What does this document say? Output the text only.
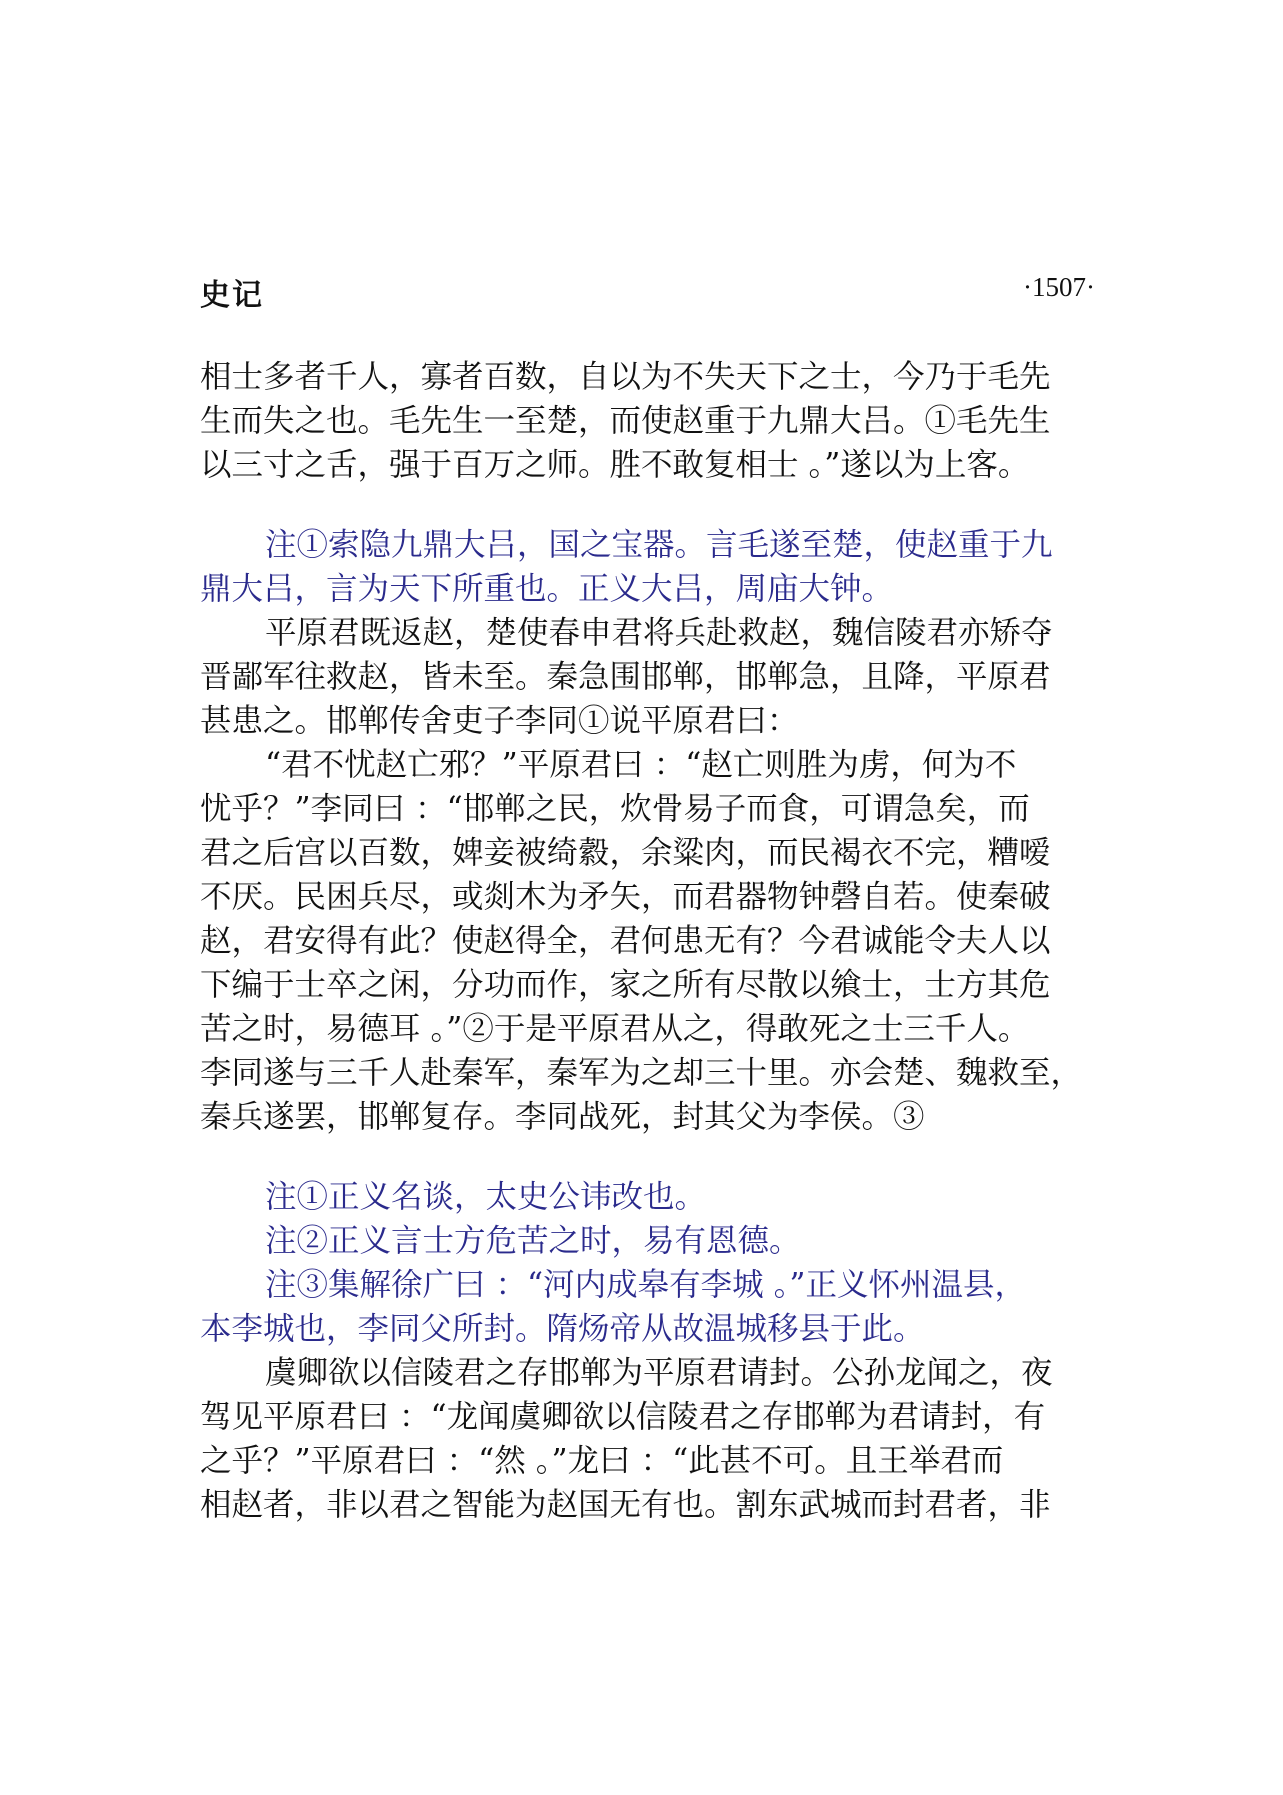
史记	·1507·
相士多者千人，寡者百数，自以为不失天下之士，今乃于毛先
生而失之也。毛先生一至楚，而使赵重于九鼎大吕。①毛先生
以三寸之舌，强于百万之师。胜不敢复相士 。”遂以为上客。
注①索隐九鼎大吕，国之宝器。言毛遂至楚，使赵重于九
鼎大吕，言为天下所重也。正义大吕，周庙大钟。
平原君既返赵，楚使春申君将兵赴救赵，魏信陵君亦矫夺
晋鄙军往救赵，皆未至。秦急围邯郸，邯郸急，且降，平原君
甚患之。邯郸传舍吏子李同①说平原君曰：
“君不忧赵亡邪？”平原君曰 ：“赵亡则胜为虏，何为不
忧乎？”李同曰 ：“邯郸之民，炊骨易子而食，可谓急矣，而
君之后宫以百数，婢妾被绮縠，余粱肉，而民褐衣不完，糟嗳
不厌。民困兵尽，或剡木为矛矢，而君器物钟磬自若。使秦破
赵，君安得有此？使赵得全，君何患无有？今君诚能令夫人以
下编于士卒之闲，分功而作，家之所有尽散以飨士，士方其危
苦之时，易德耳 。”②于是平原君从之，得敢死之士三千人。
李同遂与三千人赴秦军，秦军为之却三十里。亦会楚、魏救至，
秦兵遂罢，邯郸复存。李同战死，封其父为李侯。③
注①正义名谈，太史公讳改也。
注②正义言士方危苦之时，易有恩德。
注③集解徐广曰 ：“河内成皋有李城 。”正义怀州温县，
本李城也，李同父所封。隋炀帝从故温城移县于此。
虞卿欲以信陵君之存邯郸为平原君请封。公孙龙闻之，夜
驾见平原君曰 ：“龙闻虞卿欲以信陵君之存邯郸为君请封，有
之乎？”平原君曰 ：“然 。”龙曰 ：“此甚不可。且王举君而
相赵者，非以君之智能为赵国无有也。割东武城而封君者，非
